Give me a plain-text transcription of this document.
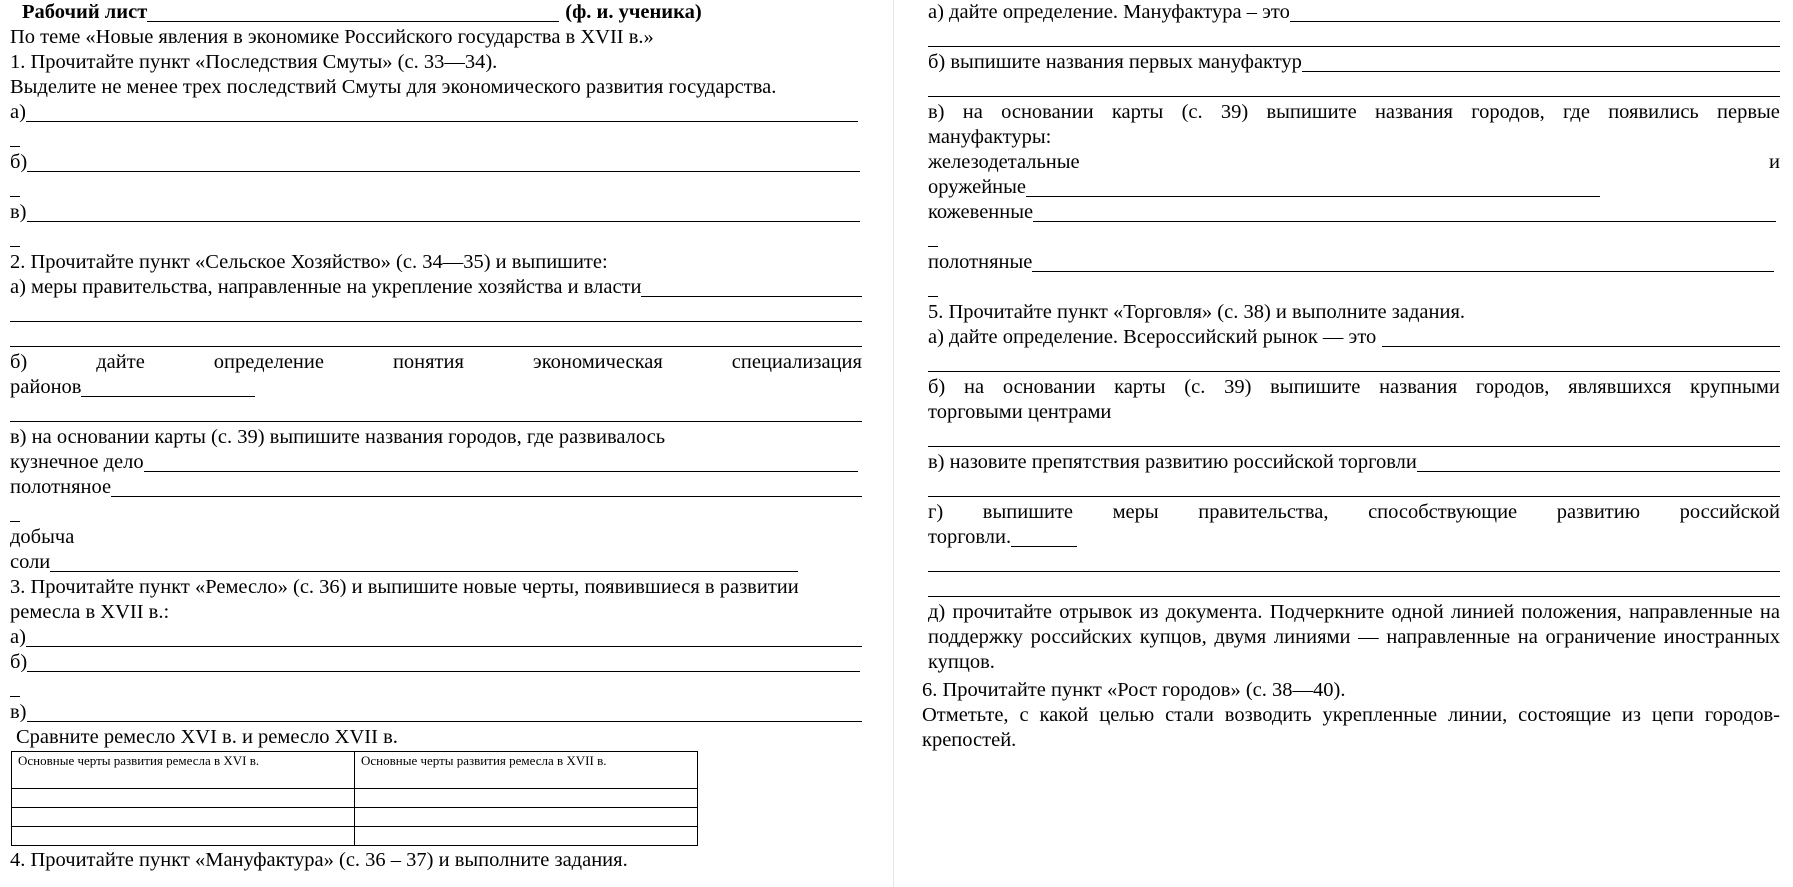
Рабочий лист	(ф. и. ученика)
По теме «Новые явления в экономике Российского государства в XVII в.»
1. Прочитайте пункт «Последствия Смуты» (с. 33—34).
Выделите не менее трех последствий Смуты для экономического развития государства.
а)
б)
в)
2. Прочитайте пункт «Сельское Хозяйство» (с. 34—35) и выпишите:
а) меры правительства, направленные на укрепление хозяйства и власти
б)	дайте	определение	понятия	экономическая	специализация
районов
в) на основании карты (с. 39) выпишите названия городов, где развивалось
кузнечное дело
полотняное
добыча
соли
3. Прочитайте пункт «Ремесло» (с. 36) и выпишите новые черты, появившиеся в развитии
ремесла в XVII в.:
а)
б)
в)
Сравните ремесло XVI в. и ремесло XVII в.
Основные черты развития ремесла в XVI в.	Основные черты развития ремесла в XVII в.

4. Прочитайте пункт «Мануфактура» (с. 36 – 37) и выполните задания.
а) дайте определение. Мануфактура – это
б) выпишите названия первых мануфактур
в) на основании карты (с. 39) выпишите названия городов, где появились первые
мануфактуры:
железодетальные	и
оружейные
кожевенные
полотняные
5. Прочитайте пункт «Торговля» (с. 38) и выполните задания.
а) дайте определение. Всероссийский рынок — это
б) на основании карты (с. 39) выпишите названия городов, являвшихся крупными
торговыми центрами
в) назовите препятствия развитию российской торговли
г) выпишите меры правительства, способствующие развитию российской
торговли.
д) прочитайте отрывок из документа. Подчеркните одной линией положения, направленные на поддержку российских купцов, двумя линиями — направленные на ограничение иностранных купцов.
6. Прочитайте пункт «Рост городов» (с. 38—40).
Отметьте, с какой целью стали возводить укрепленные линии, состоящие из цепи городов-крепостей.
